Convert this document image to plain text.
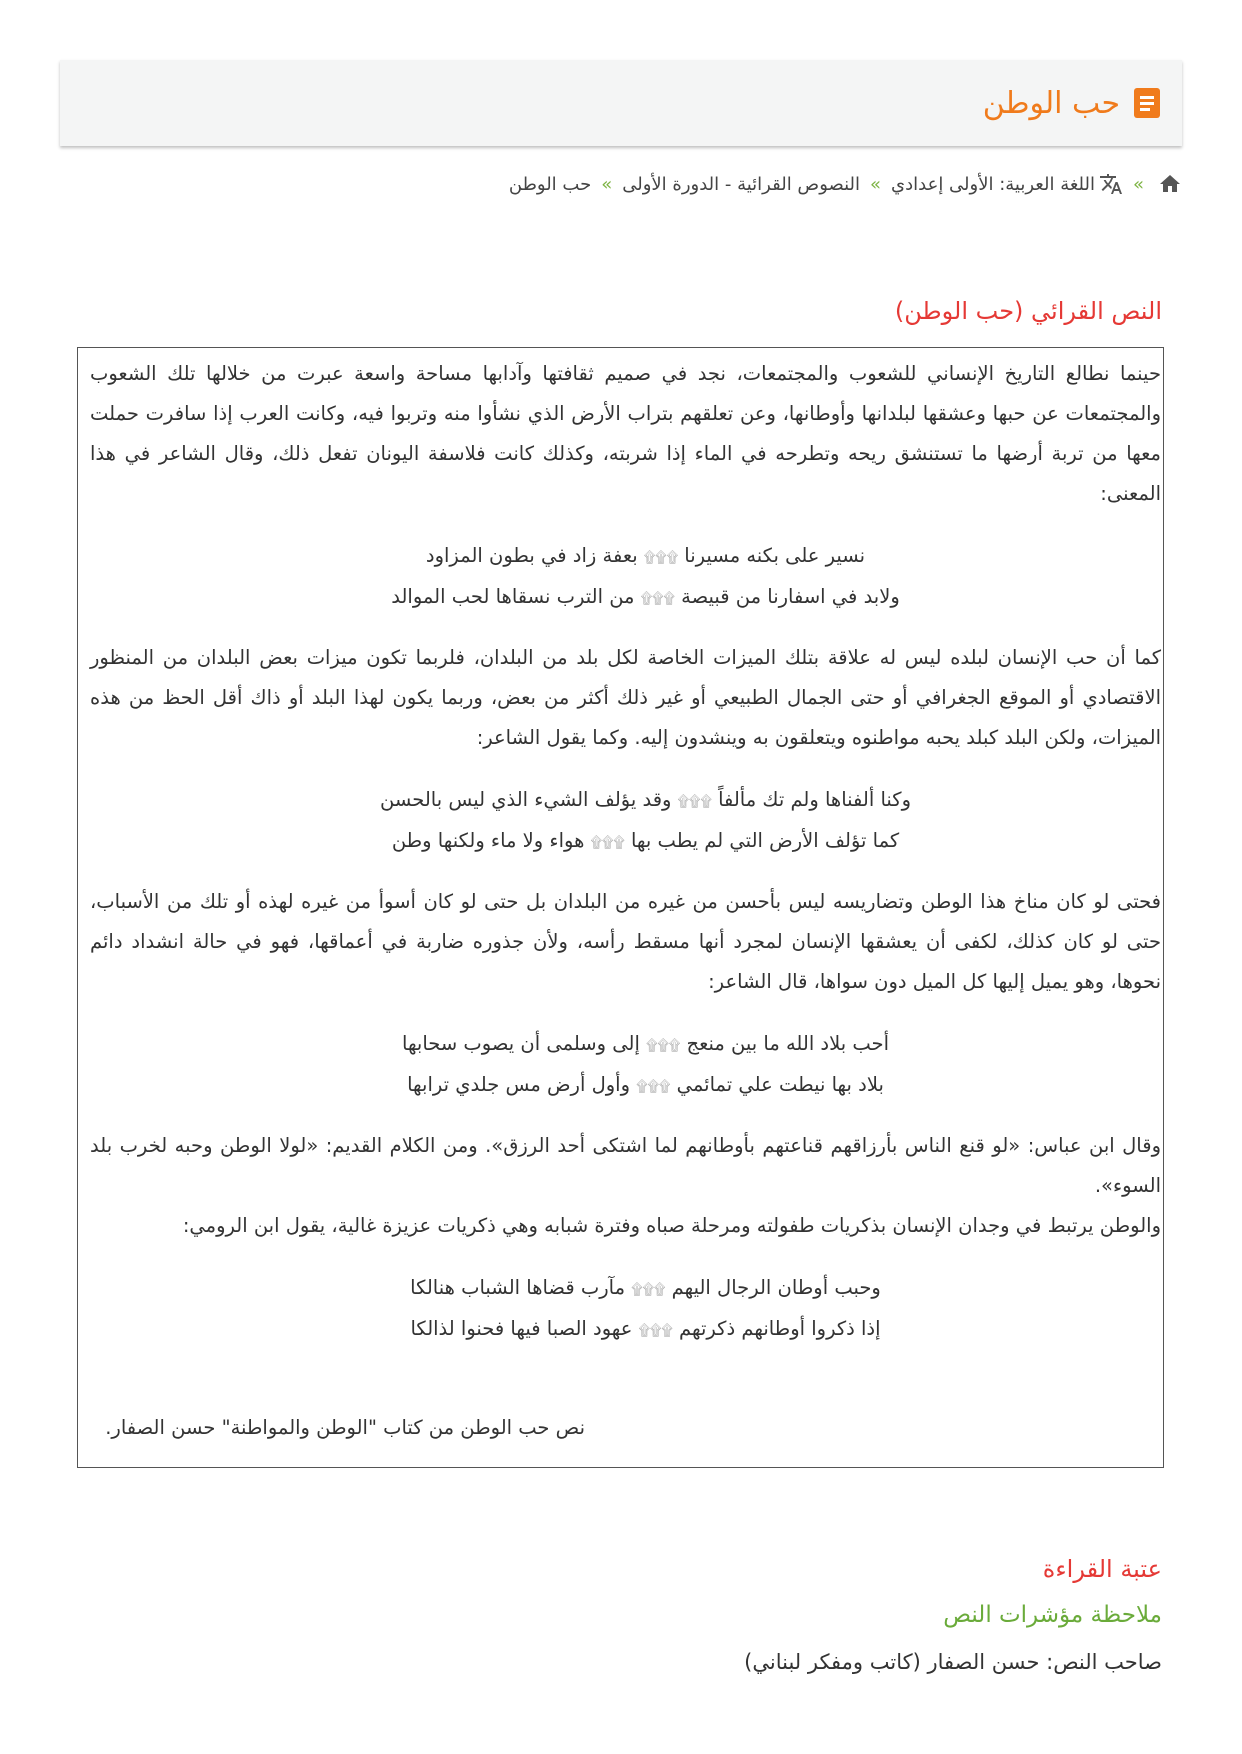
حب الوطن
»
اللغة العربية: الأولى إعدادي
»
النصوص القرائية - الدورة الأولى
»
حب الوطن
النص القرائي (حب الوطن)

حينما نطالع التاريخ الإنساني للشعوب والمجتمعات، نجد في صميم ثقافتها وآدابها مساحة واسعة عبرت من خلالها تلك الشعوب والمجتمعات عن حبها وعشقها لبلدانها وأوطانها، وعن تعلقهم بتراب الأرض الذي نشأوا منه وتربوا فيه، وكانت العرب إذا سافرت حملت معها من تربة أرضها ما تستنشق ريحه وتطرحه في الماء إذا شربته، وكذلك كانت فلاسفة اليونان تفعل ذلك، وقال الشاعر في هذا المعنى:

نسير على بكنه مسيرنا ۩۩۩ بعفة زاد في بطون المزاود

ولابد في اسفارنا من قبيصة ۩۩۩ من الترب نسقاها لحب الموالد

كما أن حب الإنسان لبلده ليس له علاقة بتلك الميزات الخاصة لكل بلد من البلدان، فلربما تكون ميزات بعض البلدان من المنظور الاقتصادي أو الموقع الجغرافي أو حتى الجمال الطبيعي أو غير ذلك أكثر من بعض، وربما يكون لهذا البلد أو ذاك أقل الحظ من هذه الميزات، ولكن البلد كبلد يحبه مواطنوه ويتعلقون به وينشدون إليه. وكما يقول الشاعر:

وكنا ألفناها ولم تك مألفاً ۩۩۩ وقد يؤلف الشيء الذي ليس بالحسن

كما تؤلف الأرض التي لم يطب بها ۩۩۩ هواء ولا ماء ولكنها وطن

فحتى لو كان مناخ هذا الوطن وتضاريسه ليس بأحسن من غيره من البلدان بل حتى لو كان أسوأ من غيره لهذه أو تلك من الأسباب، حتى لو كان كذلك، لكفى أن يعشقها الإنسان لمجرد أنها مسقط رأسه، ولأن جذوره ضاربة في أعماقها، فهو في حالة انشداد دائم نحوها، وهو يميل إليها كل الميل دون سواها، قال الشاعر:

أحب بلاد الله ما بين منعج ۩۩۩ إلى وسلمى أن يصوب سحابها

بلاد بها نيطت علي تمائمي ۩۩۩ وأول أرض مس جلدي ترابها

وقال ابن عباس: «لو قنع الناس بأرزاقهم قناعتهم بأوطانهم لما اشتكى أحد الرزق». ومن الكلام القديم: «لولا الوطن وحبه لخرب بلد السوء».

والوطن يرتبط في وجدان الإنسان بذكريات طفولته ومرحلة صباه وفترة شبابه وهي ذكريات عزيزة غالية، يقول ابن الرومي:

وحبب أوطان الرجال اليهم ۩۩۩ مآرب قضاها الشباب هنالكا

إذا ذكروا أوطانهم ذكرتهم ۩۩۩ عهود الصبا فيها فحنوا لذالكا

نص حب الوطن من كتاب "الوطن والمواطنة" حسن الصفار.

عتبة القراءة
ملاحظة مؤشرات النص
صاحب النص: حسن الصفار (كاتب ومفكر لبناني)
